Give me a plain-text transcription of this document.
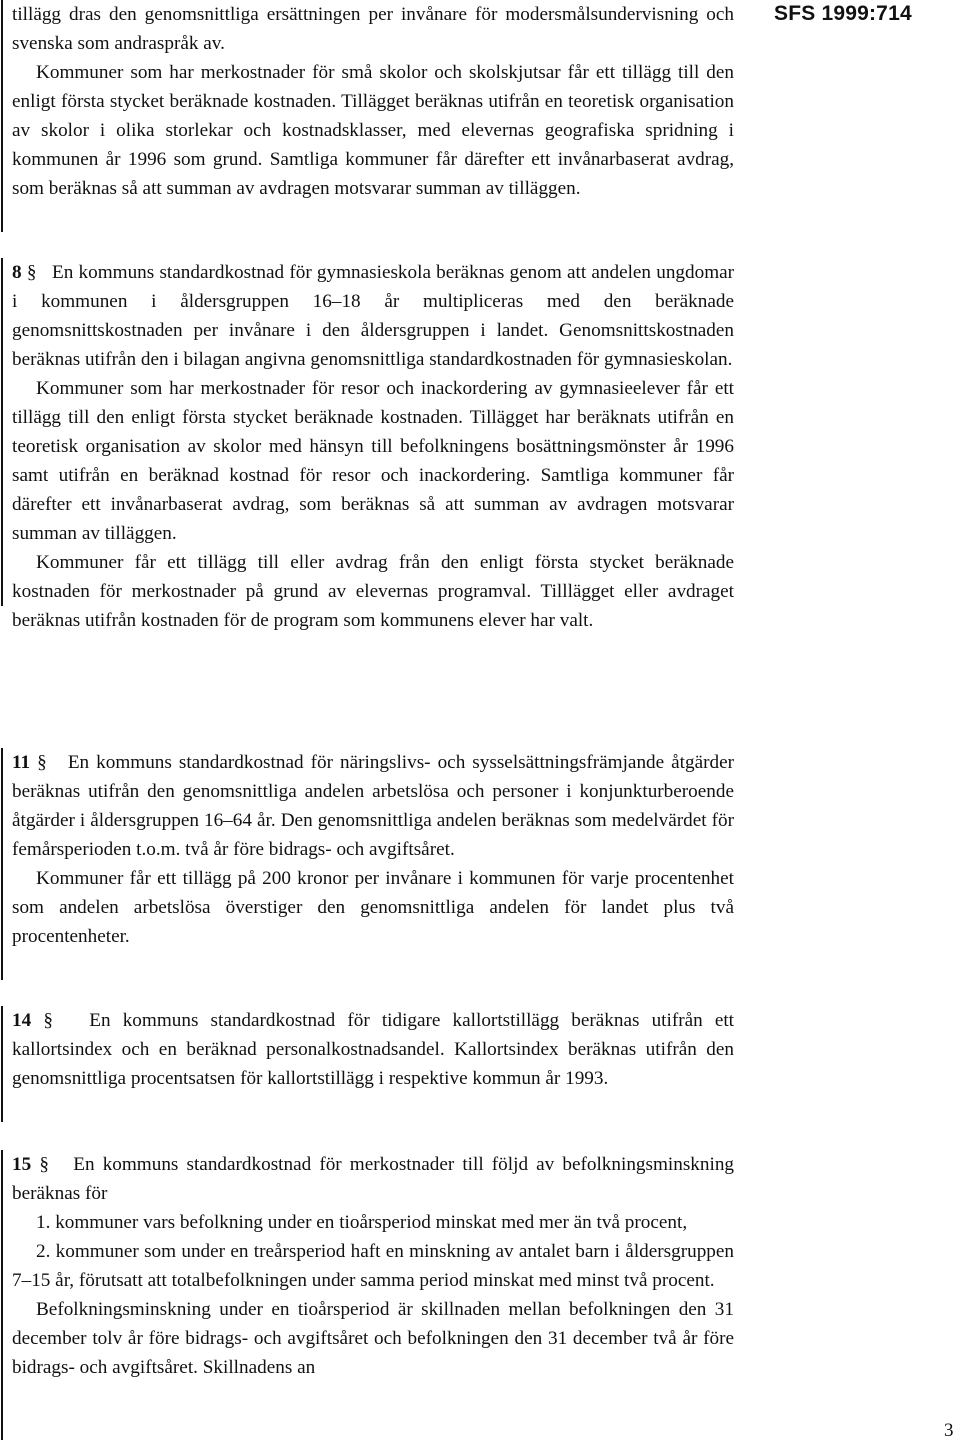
SFS 1999:714
3

tillägg dras den genomsnittliga ersättningen per invånare för modersmålsundervisning och svenska som andraspråk av.

Kommuner som har merkostnader för små skolor och skolskjutsar får ett tillägg till den enligt första stycket beräknade kostnaden. Tillägget beräknas utifrån en teoretisk organisation av skolor i olika storlekar och kostnadsklasser, med elevernas geografiska spridning i kommunen år 1996 som grund. Samtliga kommuner får därefter ett invånarbaserat avdrag, som beräknas så att summan av avdragen motsvarar summan av tilläggen.

8 § En kommuns standardkostnad för gymnasieskola beräknas genom att andelen ungdomar i kommunen i åldersgruppen 16–18 år multipliceras med den beräknade genomsnittskostnaden per invånare i den åldersgruppen i landet. Genomsnittskostnaden beräknas utifrån den i bilagan angivna genomsnittliga standardkostnaden för gymnasieskolan.

Kommuner som har merkostnader för resor och inackordering av gymnasieelever får ett tillägg till den enligt första stycket beräknade kostnaden. Tillägget har beräknats utifrån en teoretisk organisation av skolor med hänsyn till befolkningens bosättningsmönster år 1996 samt utifrån en beräknad kostnad för resor och inackordering. Samtliga kommuner får därefter ett invånarbaserat avdrag, som beräknas så att summan av avdragen motsvarar summan av tilläggen.

Kommuner får ett tillägg till eller avdrag från den enligt första stycket beräknade kostnaden för merkostnader på grund av elevernas programval. Tilllägget eller avdraget beräknas utifrån kostnaden för de program som kommunens elever har valt.

11 § En kommuns standardkostnad för näringslivs- och sysselsättningsfrämjande åtgärder beräknas utifrån den genomsnittliga andelen arbetslösa och personer i konjunkturberoende åtgärder i åldersgruppen 16–64 år. Den genomsnittliga andelen beräknas som medelvärdet för femårsperioden t.o.m. två år före bidrags- och avgiftsåret.

Kommuner får ett tillägg på 200 kronor per invånare i kommunen för varje procentenhet som andelen arbetslösa överstiger den genomsnittliga andelen för landet plus två procentenheter.

14 § En kommuns standardkostnad för tidigare kallortstillägg beräknas utifrån ett kallortsindex och en beräknad personalkostnadsandel. Kallortsindex beräknas utifrån den genomsnittliga procentsatsen för kallortstillägg i respektive kommun år 1993.

15 § En kommuns standardkostnad för merkostnader till följd av befolkningsminskning beräknas för

1. kommuner vars befolkning under en tioårsperiod minskat med mer än två procent,

2. kommuner som under en treårsperiod haft en minskning av antalet barn i åldersgruppen 7–15 år, förutsatt att totalbefolkningen under samma period minskat med minst två procent.

Befolkningsminskning under en tioårsperiod är skillnaden mellan befolkningen den 31 december tolv år före bidrags- och avgiftsåret och befolkningen den 31 december två år före bidrags- och avgiftsåret. Skillnadens an
